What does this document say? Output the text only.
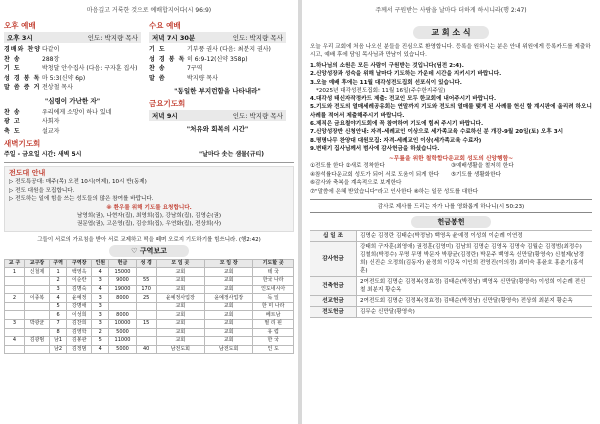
마음깊고 거룩한 것으로 예배합지어다(시 96:9)
오후 예배
오후 3시	인도: 박지량 목사
경배와 찬양 다같이
찬 송	288장
기 도	박청달 안수집사 (다음: 구자훈 집사)
성 경 봉 독 마 5:3(신약 6p)
말 씀 증 거 전상철 목사
"심령이 가난한 자"
찬 송	우리에게 소망이 하나 있네
광 고	사회자
축 도	설교자
수요 예배
저녁 7시 30분	인도: 박지량 목사
기 도	기부풍 권사 (다음: 최분지 권사)
성 경 봉 독 히 6:9-12(신약 358p)
찬 송	7구역
말 씀	박지량 목사
"동일한 부지런함을 나타내라"
금요기도회
저녁 9시	인도: 박지량 목사
"처유와 회복의 시간"
새벽기도회
주일 - 금요일 시간: 새벽 5시	"날마다 솟는 샘물(규티)
전도대 안내
▷ 전도특공대: 매주(목) 오전 10시(여제), 10시 반(동제)
▷ 전도 대원을 모집합니다.
▷ 전도하는 일에 힘을 쓰는 성도들의 많은 참여를 바랍니다.
※ 환우를 위해 기도를 요청합니다.
남영희(권), 나현자(집), 최영희(집), 강남희(집), 김영순(권)
권문엽(권), 고은영(집), 김승희(집), 우연화(집), 전상희(사)
그들이 서로의 가르침을 받아 서로 교제하고 떡을 떼며 오로지 기도하기를 힘쓰니라. (행2:42)
♡ 구역보고
교 구	교구장	구역	구역장	인원	헌금	성 경	모 임 곳	모 임 장	기도할 곳
1	신철제	1	백영옥	4	15000		교회	교회	테 국
		2	이순란	3	9000	55	교회	교회	한국 나라
		3	김명숙	4	19000	170	교회	교회	인도네시아
2	이종복	4	윤예정	3	8000	25	윤예정사업장	윤예정사업장	독 일
		5	강명애	3			교회	교회	한 미 나라
		6	이성희	3	8000		교회	교회	베트남
3	박광균	7	김찬희	3	10000	15	교회	교회	필 리 핀
		8	김영학	2	5000		교회	교회	유 럽
4	김광범	남1	김봉관	5	11000		교회	교회	한 국
		남2	김정범	4	5000	40	남전도회	남전도회	인 도
주께서 구원받는 사람을 날마다 더하게 하시니라(행 2:47)
교 회 소 식
오늘 우리 교회에 처음 나오신 분들을 진심으로 환영합니다. 등록을 원하시는 분은 안내 위원에게 등록카드를 제출하시고, 예배 후에 담임 목사님과 만남이 있습니다.
1.하나님의 소원은 모든 사람이 구원받는 것입니다(딤전 2:4).
2.신앙성장과 성숙을 위해 날마다 기도하는 가운데 시간을 지키시기 바랍니다.
3.오늘 예배 후에는 11월 대각성전도집회 선포식이 있습니다.
*2025년 대각성전도집회: 11월 16일(주수한지주일)
4.대각성 태신자작정카드 제출: 전교인 모두 한교회에 내어주시기 바랍니다.
5.기도와 전도의 열매세례공유회는 연말까지 기도와 전도의 열매를 맺게 된 사례를 헌신 할 계시판에 올리려 하오니 사례를 적어서 제출해주시기 바랍니다.
6.제직은 금요철야기도회에 꼭 참여하여 기도에 힘써 주시기 바랍니다.
7.신앙성장반 신청안내: 자격-세례교인 이상으로 세가족교육 수료하신 분 개강-9월 20일(토) 오후 3시
8.명명나무 찬양대 대원모집: 자격-세례교인 이상(세가족교육 수료자)
9.변태기 집사님께서 범사에 감사헌금을 하셨습니다.
~무릎을 위한 철학합다운교회 성도의 신앙행함~
①전도를 한다 ②새로 정착한다	③예배생활을 철저히 한다
④참석률다운교회 성도가 되어 서로 도움이 되게 한다	⑤기도를 생활화한다
⑥감사와 축복을 계속적으로 보게한다
⑦"말씀에 은혜 받았습니다"라고 인사한다 ⑧하는 일꾼 성도를 대한다
감사로 제사를 드리는 자가 나를 영화롭게 하나니(시 50:23)
헌금봉헌
십 일 조	김명순 김정란 김태순(박정남) 백영옥 윤예정 이성희 이순례 이연정
감사헌금	강태희 구자훈(최영애) 권정훈(김영미) 김남희 김명순 김영옥 김명숙 김월순 김정범(최정수) 김철희(박정수) 무명 무명 박문자 박광균(김정란) 박문주 백영옥 신만달(황영숙) 신철제(남경희) 신진순 오정희(김동자) 윤정희 이강옥 이인희 전영진(이의정) 최미숙 홍윤호 홍춘기(홍석훈)
건축헌금	2여전도회 김명순 김정복(정효정) 김태순(박정남) 백영옥 신만달(황영숙) 이성희 이순례 전신철 최분지 황순옥
선교헌금	2여전도회 김명순 김정복(정효정) 김태순(박정남) 신만달(황영숙) 전상희 최분지 황순옥
전도헌금	김무순 신만달(황영숙)
